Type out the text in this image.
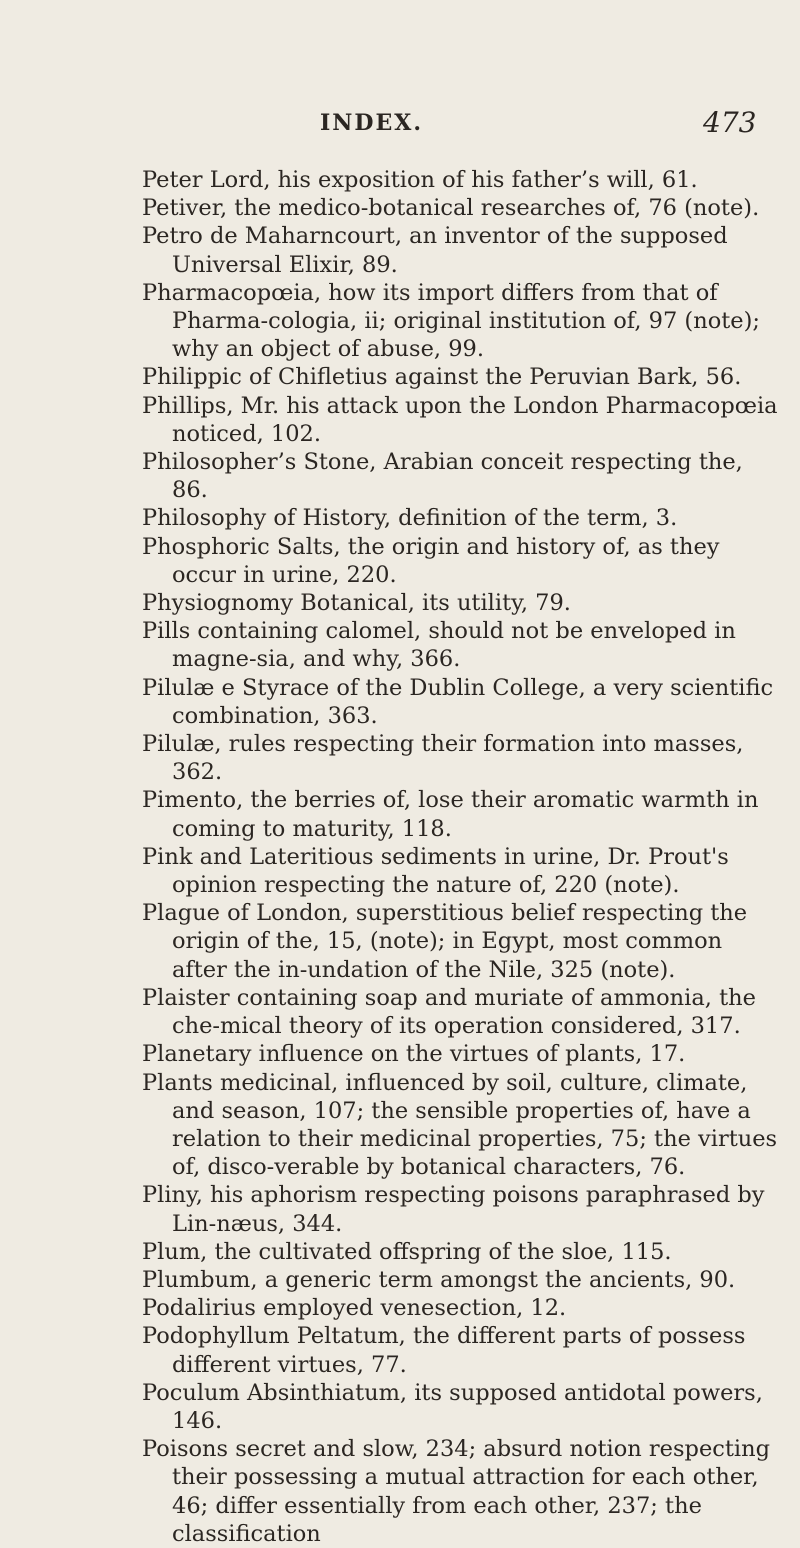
INDEX.	473

Peter Lord, his exposition of his father’s will, 61.

Petiver, the medico-botanical researches of, 76 (note).

Petro de Maharncourt, an inventor of the supposed Universal Elixir, 89.

Pharmacopœia, how its import differs from that of Pharma-cologia, ii; original institution of, 97 (note); why an object of abuse, 99.

Philippic of Chifletius against the Peruvian Bark, 56.

Phillips, Mr. his attack upon the London Pharmacopœia noticed, 102.

Philosopher’s Stone, Arabian conceit respecting the, 86.

Philosophy of History, definition of the term, 3.

Phosphoric Salts, the origin and history of, as they occur in urine, 220.

Physiognomy Botanical, its utility, 79.

Pills containing calomel, should not be enveloped in magne-sia, and why, 366.

Pilulæ e Styrace of the Dublin College, a very scientific combination, 363.

Pilulæ, rules respecting their formation into masses, 362.

Pimento, the berries of, lose their aromatic warmth in coming to maturity, 118.

Pink and Lateritious sediments in urine, Dr. Prout's opinion respecting the nature of, 220 (note).

Plague of London, superstitious belief respecting the origin of the, 15, (note); in Egypt, most common after the in-undation of the Nile, 325 (note).

Plaister containing soap and muriate of ammonia, the che-mical theory of its operation considered, 317.

Planetary influence on the virtues of plants, 17.

Plants medicinal, influenced by soil, culture, climate, and season, 107; the sensible properties of, have a relation to their medicinal properties, 75; the virtues of, disco-verable by botanical characters, 76.

Pliny, his aphorism respecting poisons paraphrased by Lin-næus, 344.

Plum, the cultivated offspring of the sloe, 115.

Plumbum, a generic term amongst the ancients, 90.

Podalirius employed venesection, 12.

Podophyllum Peltatum, the different parts of possess different virtues, 77.

Poculum Absinthiatum, its supposed antidotal powers, 146.

Poisons secret and slow, 234; absurd notion respecting their possessing a mutual attraction for each other, 46; differ essentially from each other, 237; the classification
